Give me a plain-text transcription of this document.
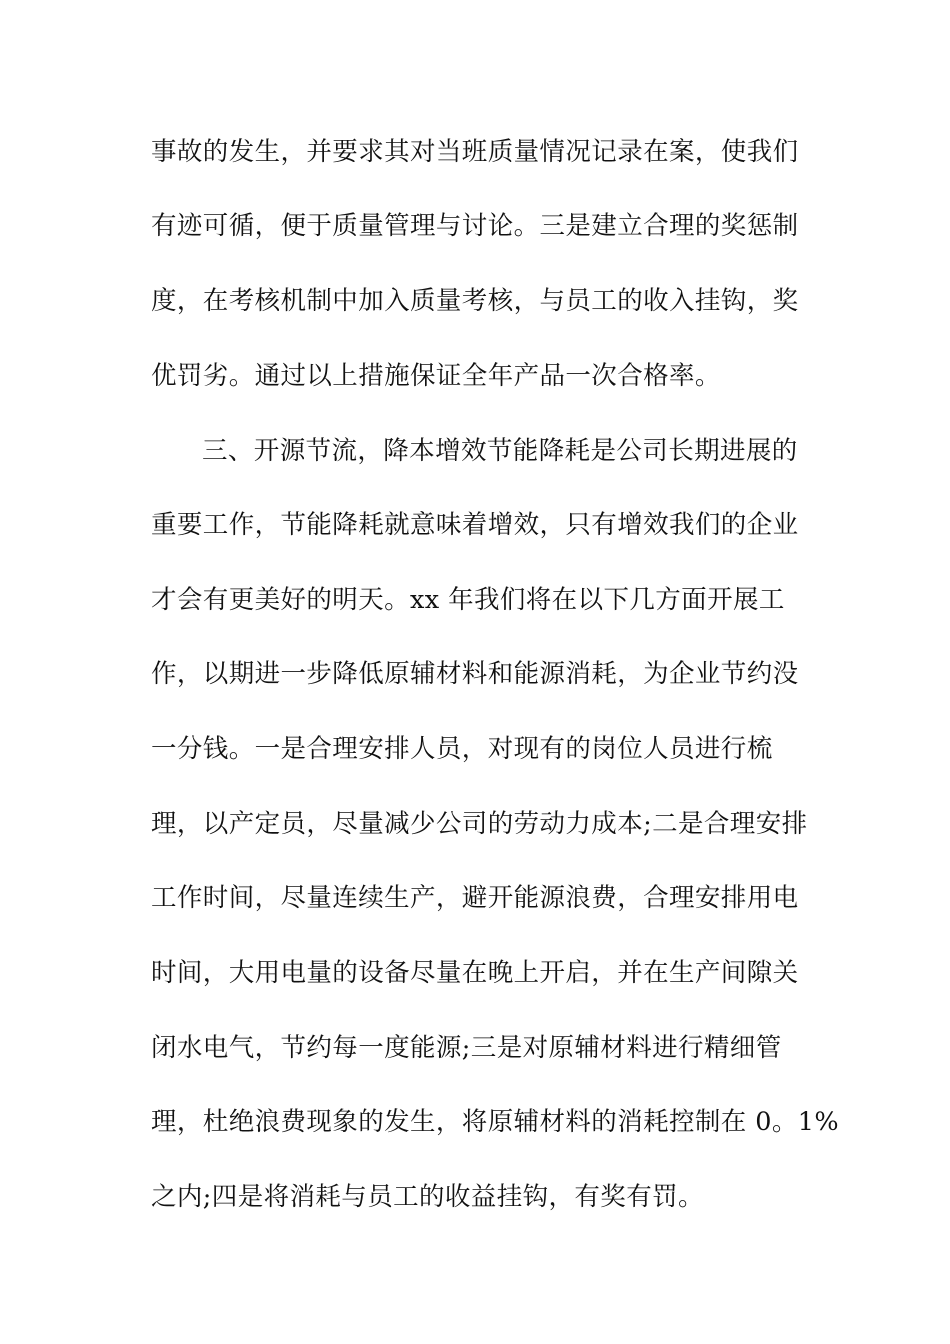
事故的发生，并要求其对当班质量情况记录在案，使我们
有迹可循，便于质量管理与讨论。三是建立合理的奖惩制
度，在考核机制中加入质量考核，与员工的收入挂钩，奖
优罚劣。通过以上措施保证全年产品一次合格率。
三、开源节流，降本增效节能降耗是公司长期进展的
重要工作，节能降耗就意味着增效，只有增效我们的企业
才会有更美好的明天。xx 年我们将在以下几方面开展工
作，以期进一步降低原辅材料和能源消耗，为企业节约没
一分钱。一是合理安排人员，对现有的岗位人员进行梳
理，以产定员，尽量减少公司的劳动力成本;二是合理安排
工作时间，尽量连续生产，避开能源浪费，合理安排用电
时间，大用电量的设备尽量在晚上开启，并在生产间隙关
闭水电气，节约每一度能源;三是对原辅材料进行精细管
理，杜绝浪费现象的发生，将原辅材料的消耗控制在 0。1%
之内;四是将消耗与员工的收益挂钩，有奖有罚。
